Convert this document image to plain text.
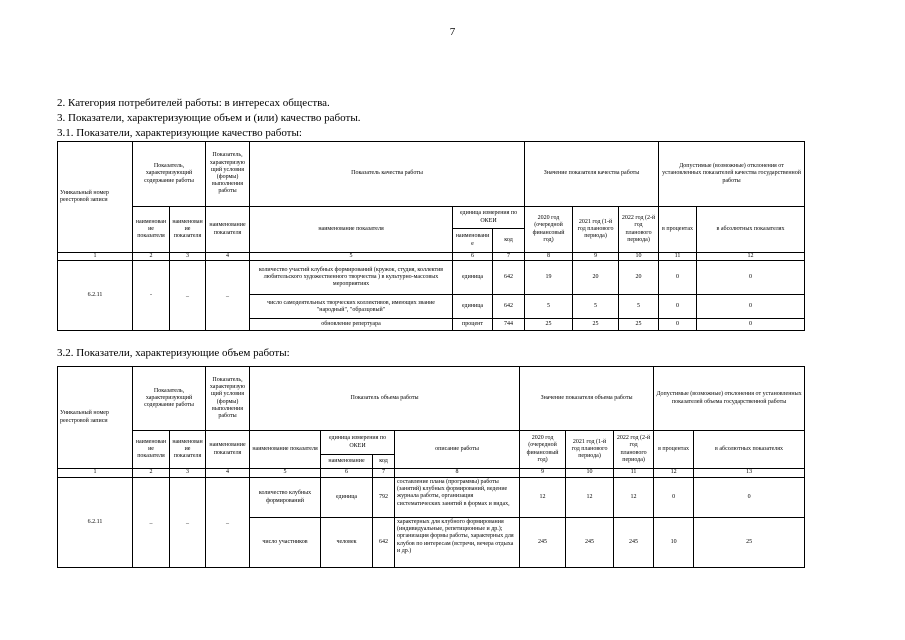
7
2. Категория потребителей работы: в интересах общества.
3. Показатели, характеризующие объем и (или) качество работы.
3.1. Показатели, характеризующие качество работы:
Уникальный номер реестровой записи	Показатель, характеризующий содержание работы		Показатель, характеризующий условия (формы) выполнения работы	Показатель качества работы			Значение показателя качества работы			Допустимые (возможные) отклонения от установленных показателей качества государственной работы	
	наименование показателя	наименование показателя	наименование показателя	наименование показателя	единица измерения по ОКЕИ		2020 год (очередной финансовый год)	2021 год (1-й год планового периода)	2022 год (2-й год планового периода)	в процентах	в абсолютных показателях
					наименование	код					
1	2	3	4	5	6	7	8	9	10	11	12
6.2.11	-	_	_	количество участий клубных формирований (кружок, студия, коллектив любительского художественного творчества ) в культурно-массовых мероприятиях	единица	642	19	20	20	0	0
				число самодеятельных творческих коллективов, имеющих звание "народный", "образцовый"	единица	642	5	5	5	0	0
				обновление репертуара	процент	744	25	25	25	0	0
3.2. Показатели, характеризующие объем работы:
Уникальный номер реестровой записи	Показатель, характеризующий содержание работы		Показатель, характеризующий условия (формы) выполнения работы	Показатель объема работы				Значение показателя объема работы			Допустимые (возможные) отклонения от установленных показателей объема государственной работы	
	наименование показателя	наименование показателя	наименование показателя	наименование показателя	единица измерения по ОКЕИ		описание работы	2020 год (очередной финансовый год)	2021 год (1-й год планового периода)	2022 год (2-й год планового периода)	в процентах	в абсолютных показателях
					наименование	код						
1	2	3	4	5	6	7	8	9	10	11	12	13
6.2.11	_	_	_	количество клубных формирований	единица	792	составление плана (программы) работы (занятий) клубных формирований, ведение журнала работы, организация систематических занятий в формах и видах,	12	12	12	0	0
				число участников	человек	642	характерных для клубного формирования (индивидуальные, репетиционные и др.); организация формы работы, характерных для клубов по интересам (встречи, вечера отдыха и др.)	245	245	245	10	25
